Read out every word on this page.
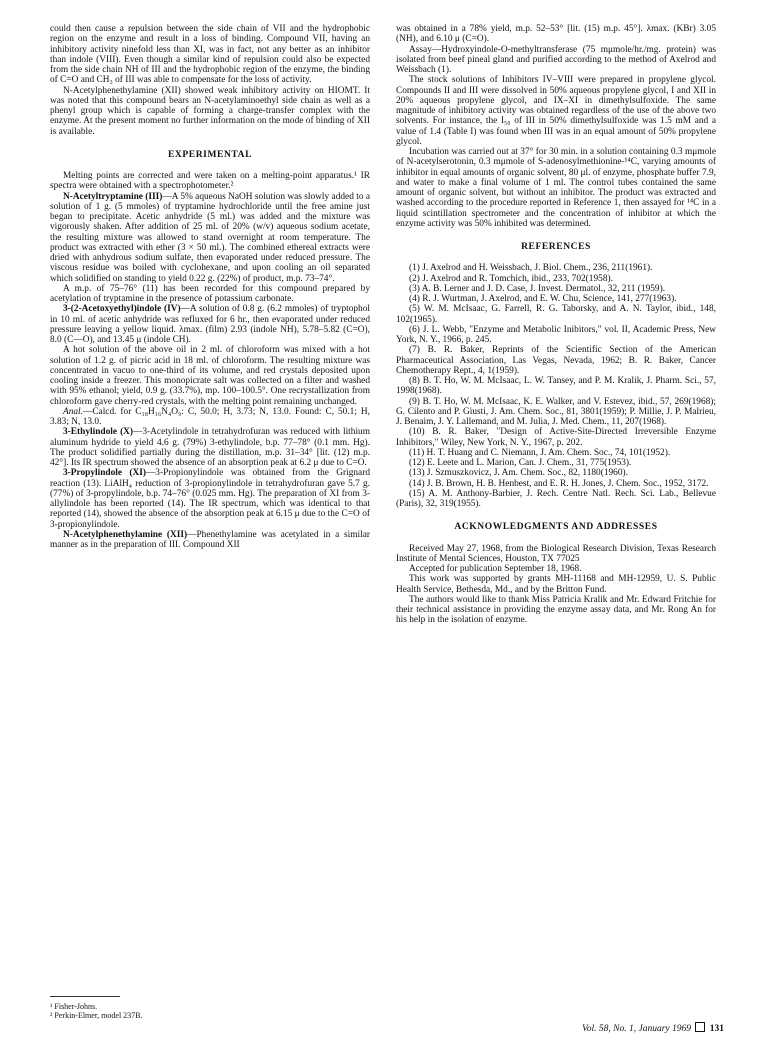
could then cause a repulsion between the side chain of VII and the hydrophobic region on the enzyme and result in a loss of binding. Compound VII, having an inhibitory activity ninefold less than XI, was in fact, not any better as an inhibitor than indole (VIII). Even though a similar kind of repulsion could also be expected from the side chain NH of III and the hydrophobic region of the enzyme, the binding of C=O and CH₃ of III was able to compensate for the loss of activity.

N-Acetylphenethylamine (XII) showed weak inhibitory activity on HIOMT. It was noted that this compound bears an N-acetylaminoethyl side chain as well as a phenyl group which is capable of forming a charge-transfer complex with the enzyme. At the present moment no further information on the mode of binding of XII is available.

EXPERIMENTAL

Melting points are corrected and were taken on a melting-point apparatus.¹ IR spectra were obtained with a spectrophotometer.²

N-Acetyltryptamine (III)—A 5% aqueous NaOH solution was slowly added to a solution of 1 g. (5 mmoles) of tryptamine hydrochloride until the free amine just began to precipitate. Acetic anhydride (5 ml.) was added and the mixture was vigorously shaken. After addition of 25 ml. of 20% (w/v) aqueous sodium acetate, the resulting mixture was allowed to stand overnight at room temperature. The product was extracted with ether (3 × 50 ml.). The combined ethereal extracts were dried with anhydrous sodium sulfate, then evaporated under reduced pressure. The viscous residue was boiled with cyclohexane, and upon cooling an oil separated which solidified on standing to yield 0.22 g. (22%) of product, m.p. 73–74°.

A m.p. of 75–76° (11) has been recorded for this compound prepared by acetylation of tryptamine in the presence of potassium carbonate.

3-(2-Acetoxyethyl)indole (IV)—A solution of 0.8 g. (6.2 mmoles) of tryptophol in 10 ml. of acetic anhydride was refluxed for 6 hr., then evaporated under reduced pressure leaving a yellow liquid. λmax. (film) 2.93 (indole NH), 5.78–5.82 (C=O), 8.0 (C—O), and 13.45 μ (indole CH).

A hot solution of the above oil in 2 ml. of chloroform was mixed with a hot solution of 1.2 g. of picric acid in 18 ml. of chloroform. The resulting mixture was concentrated in vacuo to one-third of its volume, and red crystals deposited upon cooling inside a freezer. This monopicrate salt was collected on a filter and washed with 95% ethanol; yield, 0.9 g. (33.7%), mp. 100–100.5°. One recrystallization from chloroform gave cherry-red crystals, with the melting point remaining unchanged.

Anal.—Calcd. for C₁₈H₁₆N₄O₉: C, 50.0; H, 3.73; N, 13.0. Found: C, 50.1; H, 3.83; N, 13.0.

3-Ethylindole (X)—3-Acetylindole in tetrahydrofuran was reduced with lithium aluminum hydride to yield 4.6 g. (79%) 3-ethylindole, b.p. 77–78° (0.1 mm. Hg). The product solidified partially during the distillation, m.p. 31–34° [lit. (12) m.p. 42°]. Its IR spectrum showed the absence of an absorption peak at 6.2 μ due to C=O.

3-Propylindole (XI)—3-Propionylindole was obtained from the Grignard reaction (13). LiAlH₄ reduction of 3-propionylindole in tetrahydrofuran gave 5.7 g. (77%) of 3-propylindole, b.p. 74–76° (0.025 mm. Hg). The preparation of XI from 3-allylindole has been reported (14). The IR spectrum, which was identical to that reported (14), showed the absence of the absorption peak at 6.15 μ due to the C=O of 3-propionylindole.

N-Acetylphenethylamine (XII)—Phenethylamine was acetylated in a similar manner as in the preparation of III. Compound XII

¹ Fisher-Johns.
² Perkin-Elmer, model 237B.

was obtained in a 78% yield, m.p. 52–53° [lit. (15) m.p. 45°]. λmax. (KBr) 3.05 (NH), and 6.10 μ (C=O).

Assay—Hydroxyindole-O-methyltransferase (75 mμmole/hr./mg. protein) was isolated from beef pineal gland and purified according to the method of Axelrod and Weissbach (1).

The stock solutions of Inhibitors IV–VIII were prepared in propylene glycol. Compounds II and III were dissolved in 50% aqueous propylene glycol, I and XII in 20% aqueous propylene glycol, and IX–XI in dimethylsulfoxide. The same magnitude of inhibitory activity was obtained regardless of the use of the above two solvents. For instance, the I₅₀ of III in 50% dimethylsulfoxide was 1.5 mM and a value of 1.4 (Table I) was found when III was in an equal amount of 50% propylene glycol.

Incubation was carried out at 37° for 30 min. in a solution containing 0.3 mμmole of N-acetylserotonin, 0.3 mμmole of S-adenosylmethionine-¹⁴C, varying amounts of inhibitor in equal amounts of organic solvent, 80 μl. of enzyme, phosphate buffer 7.9, and water to make a final volume of 1 ml. The control tubes contained the same amount of organic solvent, but without an inhibitor. The product was extracted and washed according to the procedure reported in Reference 1, then assayed for ¹⁴C in a liquid scintillation spectrometer and the concentration of inhibitor at which the enzyme activity was 50% inhibited was determined.

REFERENCES

(1) J. Axelrod and H. Weissbach, J. Biol. Chem., 236, 211(1961).

(2) J. Axelrod and R. Tomchich, ibid., 233, 702(1958).

(3) A. B. Lerner and J. D. Case, J. Invest. Dermatol., 32, 211 (1959).

(4) R. J. Wurtman, J. Axelrod, and E. W. Chu, Science, 141, 277(1963).

(5) W. M. McIsaac, G. Farrell, R. G. Taborsky, and A. N. Taylor, ibid., 148, 102(1965).

(6) J. L. Webb, "Enzyme and Metabolic Inibitors," vol. II, Academic Press, New York, N. Y., 1966, p. 245.

(7) B. R. Baker, Reprints of the Scientific Section of the American Pharmaceutical Association, Las Vegas, Nevada, 1962; B. R. Baker, Cancer Chemotherapy Rept., 4, 1(1959).

(8) B. T. Ho, W. M. McIsaac, L. W. Tansey, and P. M. Kralik, J. Pharm. Sci., 57, 1998(1968).

(9) B. T. Ho, W. M. McIsaac, K. E. Walker, and V. Estevez, ibid., 57, 269(1968); G. Cilento and P. Giusti, J. Am. Chem. Soc., 81, 3801(1959); P. Millie, J. P. Malrieu, J. Benaim, J. Y. Lallemand, and M. Julia, J. Med. Chem., 11, 207(1968).

(10) B. R. Baker, "Design of Active-Site-Directed Irreversible Enzyme Inhibitors," Wiley, New York, N. Y., 1967, p. 202.

(11) H. T. Huang and C. Niemann, J. Am. Chem. Soc., 74, 101(1952).

(12) E. Leete and L. Marion, Can. J. Chem., 31, 775(1953).

(13) J. Szmuszkovicz, J. Am. Chem. Soc., 82, 1180(1960).

(14) J. B. Brown, H. B. Henbest, and E. R. H. Jones, J. Chem. Soc., 1952, 3172.

(15) A. M. Anthony-Barbier, J. Rech. Centre Natl. Rech. Sci. Lab., Bellevue (Paris), 32, 319(1955).

ACKNOWLEDGMENTS AND ADDRESSES

Received May 27, 1968, from the Biological Research Division, Texas Research Institute of Mental Sciences, Houston, TX 77025

Accepted for publication September 18, 1968.

This work was supported by grants MH-11168 and MH-12959, U. S. Public Health Service, Bethesda, Md., and by the Britton Fund.

The authors would like to thank Miss Patricia Kralik and Mr. Edward Fritchie for their technical assistance in providing the enzyme assay data, and Mr. Rong An for his help in the isolation of enzyme.

Vol. 58, No. 1, January 1969 131
